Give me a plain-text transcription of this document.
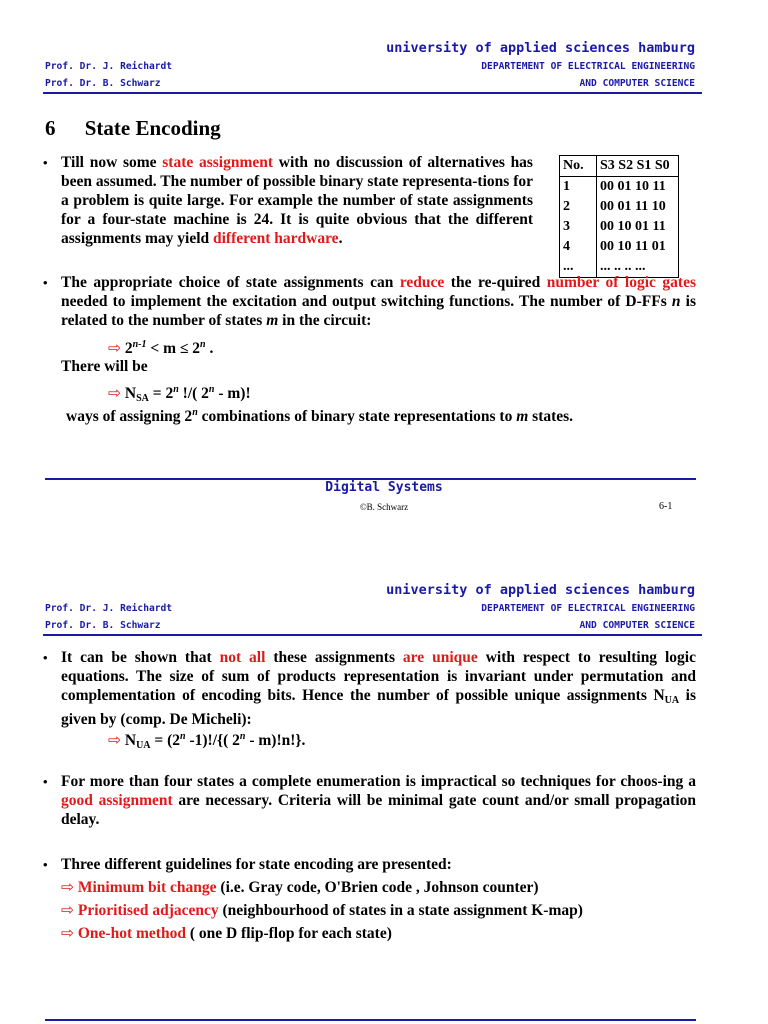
university of applied sciences hamburg
Prof. Dr. J. Reichardt
Prof. Dr. B. Schwarz
DEPARTEMENT OF ELECTRICAL ENGINEERING
AND COMPUTER SCIENCE
6 State Encoding
• Till now some state assignment with no discussion of alternatives has been assumed. The number of possible binary state representa-tions for a problem is quite large. For example the number of state assignments for a four-state machine is 24. It is quite obvious that the different assignments may yield different hardware.
No.	S3 S2 S1 S0
1	00 01 10 11
2	00 01 11 10
3	00 10 01 11
4	00 10 11 01
...	... .. .. ...
• The appropriate choice of state assignments can reduce the re-quired number of logic gates needed to implement the excitation and output switching functions. The number of D-FFs n is related to the number of states m in the circuit:
⇨ $2^{n-1} < m \le 2^n$ .
There will be
⇨ $N_{SA} = 2^n$ !/( 2$^n$ - m)!
ways of assigning 2$^n$ combinations of binary state representations to m states.
Digital Systems
©B. Schwarz	6-1
university of applied sciences hamburg
Prof. Dr. J. Reichardt
Prof. Dr. B. Schwarz
DEPARTEMENT OF ELECTRICAL ENGINEERING
AND COMPUTER SCIENCE
• It can be shown that not all these assignments are unique with respect to resulting logic equations. The size of sum of products representation is invariant under permutation and complementation of encoding bits. Hence the number of possible unique assignments $N_{UA}$ is given by (comp. De Micheli):
⇨ $N_{UA} = (2^n$ -1)!/{( 2$^n$ - m)!n!}.
• For more than four states a complete enumeration is impractical so techniques for choos-ing a good assignment are necessary. Criteria will be minimal gate count and/or small propagation delay.
• Three different guidelines for state encoding are presented:
⇨ Minimum bit change (i.e. Gray code, O'Brien code , Johnson counter)
⇨ Prioritised adjacency (neighbourhood of states in a state assignment K-map)
⇨ One-hot method ( one D flip-flop for each state)
